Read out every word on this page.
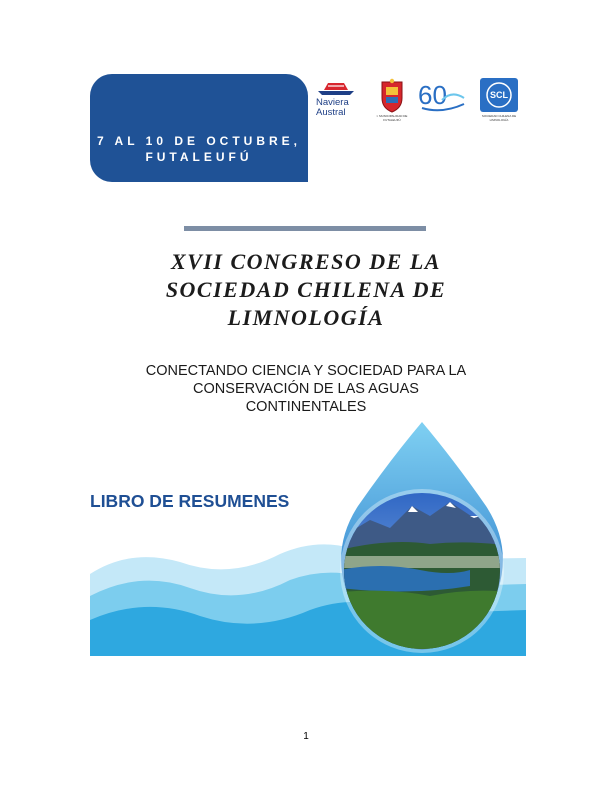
7 AL 10 DE OCTUBRE,
FUTALEUFÚ
Naviera
Austral	I. MUNICIPALIDAD DE FUTALEUFÚ
60	SCL
SOCIEDAD CHILENA DE LIMNOLOGÍA
XVII CONGRESO DE LA
SOCIEDAD CHILENA DE
LIMNOLOGÍA
CONECTANDO CIENCIA Y SOCIEDAD PARA LA
CONSERVACIÓN DE LAS AGUAS
CONTINENTALES
LIBRO DE RESUMENES
1
